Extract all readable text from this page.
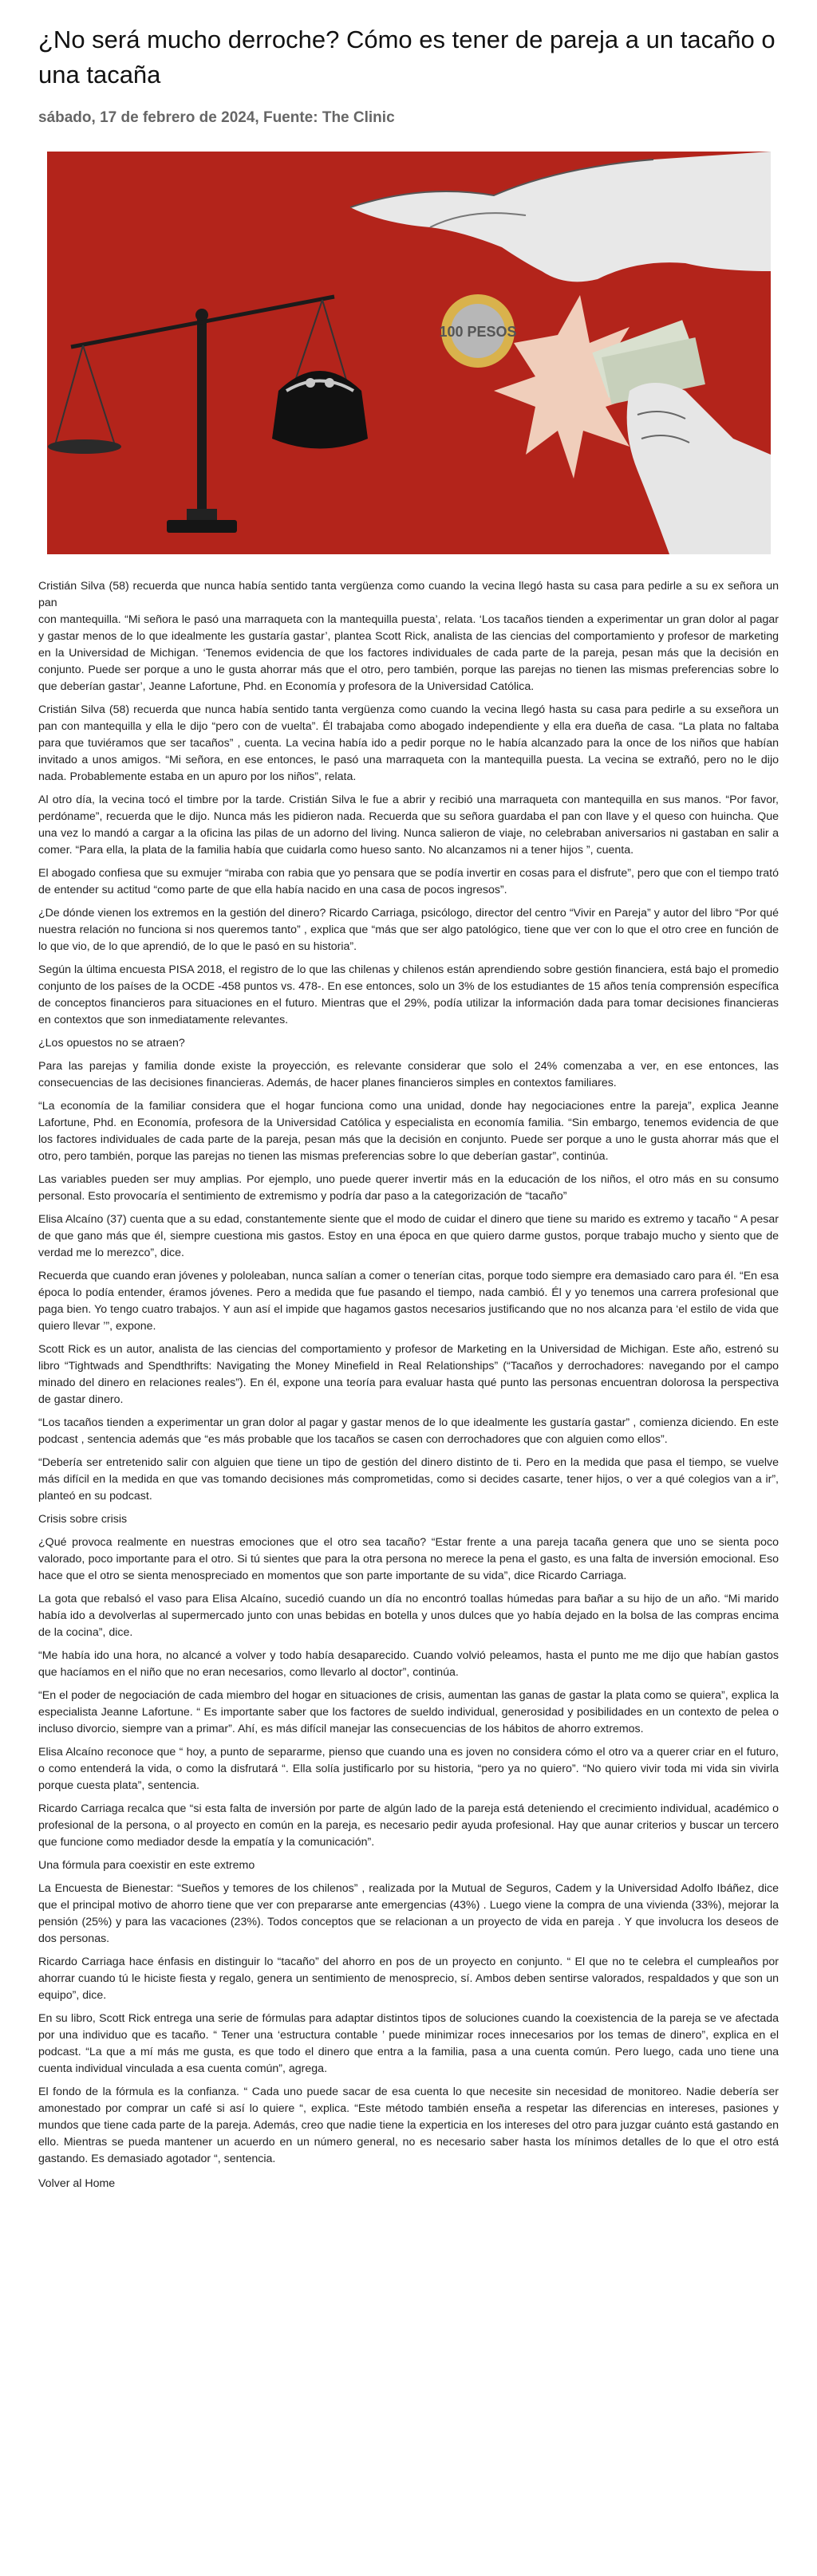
¿No será mucho derroche? Cómo es tener de pareja a un tacaño o una tacaña
sábado, 17 de febrero de 2024, Fuente: The Clinic
100 PESOS

Cristián Silva (58) recuerda que nunca había sentido tanta vergüenza como cuando la vecina llegó hasta su casa para pedirle a su ex señora un pan
con mantequilla. “Mi señora le pasó una marraqueta con la mantequilla puesta’, relata. ‘Los tacaños tienden a experimentar un gran dolor al pagar y gastar menos de lo que idealmente les gustaría gastar’, plantea Scott Rick, analista de las ciencias del comportamiento y profesor de marketing en la Universidad de Michigan. ‘Tenemos evidencia de que los factores individuales de cada parte de la pareja, pesan más que la decisión en conjunto. Puede ser porque a uno le gusta ahorrar más que el otro, pero también, porque las parejas no tienen las mismas preferencias sobre lo que deberían gastar’, Jeanne Lafortune, Phd. en Economía y profesora de la Universidad Católica.

Cristián Silva (58) recuerda que nunca había sentido tanta vergüenza como cuando la vecina llegó hasta su casa para pedirle a su exseñora un pan con mantequilla y ella le dijo “pero con de vuelta”. Él trabajaba como abogado independiente y ella era dueña de casa. “La plata no faltaba para que tuviéramos que ser tacaños” , cuenta. La vecina había ido a pedir porque no le había alcanzado para la once de los niños que habían invitado a unos amigos. “Mi señora, en ese entonces, le pasó una marraqueta con la mantequilla puesta. La vecina se extrañó, pero no le dijo nada. Probablemente estaba en un apuro por los niños”, relata.

Al otro día, la vecina tocó el timbre por la tarde. Cristián Silva le fue a abrir y recibió una marraqueta con mantequilla en sus manos. “Por favor, perdóname”, recuerda que le dijo. Nunca más les pidieron nada. Recuerda que su señora guardaba el pan con llave y el queso con huincha. Que una vez lo mandó a cargar a la oficina las pilas de un adorno del living. Nunca salieron de viaje, no celebraban aniversarios ni gastaban en salir a comer. “Para ella, la plata de la familia había que cuidarla como hueso santo. No alcanzamos ni a tener hijos ”, cuenta.

El abogado confiesa que su exmujer “miraba con rabia que yo pensara que se podía invertir en cosas para el disfrute”, pero que con el tiempo trató de entender su actitud “como parte de que ella había nacido en una casa de pocos ingresos”.

¿De dónde vienen los extremos en la gestión del dinero? Ricardo Carriaga, psicólogo, director del centro “Vivir en Pareja” y autor del libro “Por qué nuestra relación no funciona si nos queremos tanto” , explica que “más que ser algo patológico, tiene que ver con lo que el otro cree en función de lo que vio, de lo que aprendió, de lo que le pasó en su historia”.

Según la última encuesta PISA 2018, el registro de lo que las chilenas y chilenos están aprendiendo sobre gestión financiera, está bajo el promedio conjunto de los países de la OCDE -458 puntos vs. 478-. En ese entonces, solo un 3% de los estudiantes de 15 años tenía comprensión específica de conceptos financieros para situaciones en el futuro. Mientras que el 29%, podía utilizar la información dada para tomar decisiones financieras en contextos que son inmediatamente relevantes.

¿Los opuestos no se atraen?

Para las parejas y familia donde existe la proyección, es relevante considerar que solo el 24% comenzaba a ver, en ese entonces, las consecuencias de las decisiones financieras. Además, de hacer planes financieros simples en contextos familiares.

“La economía de la familiar considera que el hogar funciona como una unidad, donde hay negociaciones entre la pareja”, explica Jeanne Lafortune, Phd. en Economía, profesora de la Universidad Católica y especialista en economía familia. “Sin embargo, tenemos evidencia de que los factores individuales de cada parte de la pareja, pesan más que la decisión en conjunto. Puede ser porque a uno le gusta ahorrar más que el otro, pero también, porque las parejas no tienen las mismas preferencias sobre lo que deberían gastar”, continúa.

Las variables pueden ser muy amplias. Por ejemplo, uno puede querer invertir más en la educación de los niños, el otro más en su consumo personal. Esto provocaría el sentimiento de extremismo y podría dar paso a la categorización de “tacaño”

Elisa Alcaíno (37) cuenta que a su edad, constantemente siente que el modo de cuidar el dinero que tiene su marido es extremo y tacaño “ A pesar de que gano más que él, siempre cuestiona mis gastos. Estoy en una época en que quiero darme gustos, porque trabajo mucho y siento que de verdad me lo merezco”, dice.

Recuerda que cuando eran jóvenes y pololeaban, nunca salían a comer o tenerían citas, porque todo siempre era demasiado caro para él. “En esa época lo podía entender, éramos jóvenes. Pero a medida que fue pasando el tiempo, nada cambió. Él y yo tenemos una carrera profesional que paga bien. Yo tengo cuatro trabajos. Y aun así el impide que hagamos gastos necesarios justificando que no nos alcanza para ‘el estilo de vida que quiero llevar ’”, expone.

Scott Rick es un autor, analista de las ciencias del comportamiento y profesor de Marketing en la Universidad de Michigan. Este año, estrenó su libro “Tightwads and Spendthrifts: Navigating the Money Minefield in Real Relationships” (“Tacaños y derrochadores: navegando por el campo minado del dinero en relaciones reales”). En él, expone una teoría para evaluar hasta qué punto las personas encuentran dolorosa la perspectiva de gastar dinero.

“Los tacaños tienden a experimentar un gran dolor al pagar y gastar menos de lo que idealmente les gustaría gastar” , comienza diciendo. En este podcast , sentencia además que “es más probable que los tacaños se casen con derrochadores que con alguien como ellos”.

“Debería ser entretenido salir con alguien que tiene un tipo de gestión del dinero distinto de ti. Pero en la medida que pasa el tiempo, se vuelve más difícil en la medida en que vas tomando decisiones más comprometidas, como si decides casarte, tener hijos, o ver a qué colegios van a ir”, planteó en su podcast.

Crisis sobre crisis

¿Qué provoca realmente en nuestras emociones que el otro sea tacaño? “Estar frente a una pareja tacaña genera que uno se sienta poco valorado, poco importante para el otro. Si tú sientes que para la otra persona no merece la pena el gasto, es una falta de inversión emocional. Eso hace que el otro se sienta menospreciado en momentos que son parte importante de su vida”, dice Ricardo Carriaga.

La gota que rebalsó el vaso para Elisa Alcaíno, sucedió cuando un día no encontró toallas húmedas para bañar a su hijo de un año. “Mi marido había ido a devolverlas al supermercado junto con unas bebidas en botella y unos dulces que yo había dejado en la bolsa de las compras encima de la cocina”, dice.

“Me había ido una hora, no alcancé a volver y todo había desaparecido. Cuando volvió peleamos, hasta el punto me me dijo que habían gastos que hacíamos en el niño que no eran necesarios, como llevarlo al doctor”, continúa.

“En el poder de negociación de cada miembro del hogar en situaciones de crisis, aumentan las ganas de gastar la plata como se quiera”, explica la especialista Jeanne Lafortune. “ Es importante saber que los factores de sueldo individual, generosidad y posibilidades en un contexto de pelea o incluso divorcio, siempre van a primar”. Ahí, es más difícil manejar las consecuencias de los hábitos de ahorro extremos.

Elisa Alcaíno reconoce que “ hoy, a punto de separarme, pienso que cuando una es joven no considera cómo el otro va a querer criar en el futuro, o como entenderá la vida, o como la disfrutará “. Ella solía justificarlo por su historia, “pero ya no quiero”. “No quiero vivir toda mi vida sin vivirla porque cuesta plata”, sentencia.

Ricardo Carriaga recalca que “si esta falta de inversión por parte de algún lado de la pareja está deteniendo el crecimiento individual, académico o profesional de la persona, o al proyecto en común en la pareja, es necesario pedir ayuda profesional. Hay que aunar criterios y buscar un tercero que funcione como mediador desde la empatía y la comunicación”.

Una fórmula para coexistir en este extremo

La Encuesta de Bienestar: “Sueños y temores de los chilenos” , realizada por la Mutual de Seguros, Cadem y la Universidad Adolfo Ibáñez, dice que el principal motivo de ahorro tiene que ver con prepararse ante emergencias (43%) . Luego viene la compra de una vivienda (33%), mejorar la pensión (25%) y para las vacaciones (23%). Todos conceptos que se relacionan a un proyecto de vida en pareja . Y que involucra los deseos de dos personas.

Ricardo Carriaga hace énfasis en distinguir lo “tacaño” del ahorro en pos de un proyecto en conjunto. “ El que no te celebra el cumpleaños por ahorrar cuando tú le hiciste fiesta y regalo, genera un sentimiento de menosprecio, sí. Ambos deben sentirse valorados, respaldados y que son un equipo”, dice.

En su libro, Scott Rick entrega una serie de fórmulas para adaptar distintos tipos de soluciones cuando la coexistencia de la pareja se ve afectada por una individuo que es tacaño. “ Tener una ‘estructura contable ’ puede minimizar roces innecesarios por los temas de dinero”, explica en el podcast. “La que a mí más me gusta, es que todo el dinero que entra a la familia, pasa a una cuenta común. Pero luego, cada uno tiene una cuenta individual vinculada a esa cuenta común”, agrega.

El fondo de la fórmula es la confianza. “ Cada uno puede sacar de esa cuenta lo que necesite sin necesidad de monitoreo. Nadie debería ser amonestado por comprar un café si así lo quiere “, explica. “Este método también enseña a respetar las diferencias en intereses, pasiones y mundos que tiene cada parte de la pareja. Además, creo que nadie tiene la experticia en los intereses del otro para juzgar cuánto está gastando en ello. Mientras se pueda mantener un acuerdo en un número general, no es necesario saber hasta los mínimos detalles de lo que el otro está gastando. Es demasiado agotador “, sentencia.

Volver al Home
